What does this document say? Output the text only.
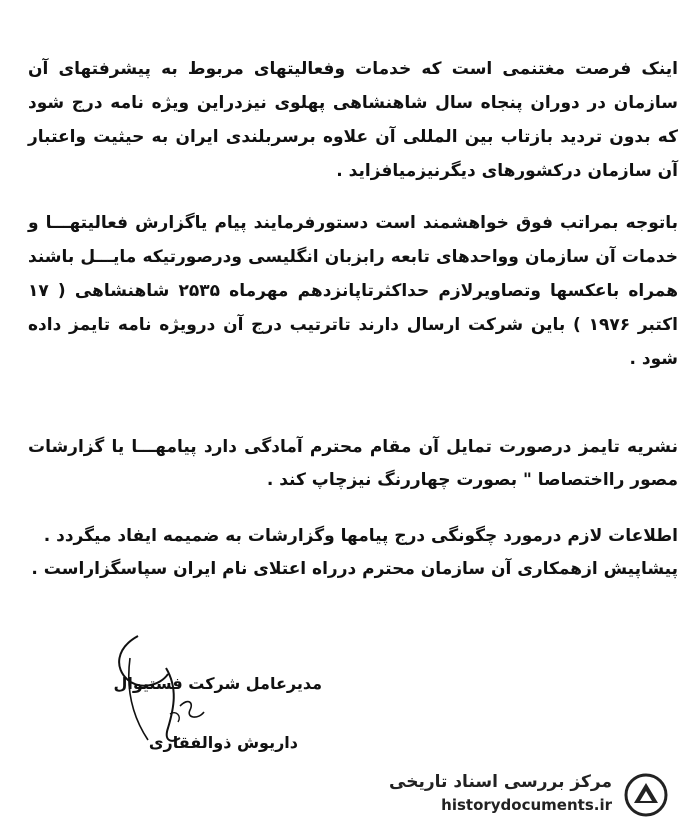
اینک فرصت مغتنمی است که خدمات وفعالیتهای مربوط به پیشرفتهای آن سازمان در دوران پنجاه سال شاهنشاهی پهلوی نیزدراین ویژه نامه درج شود که بدون تردید بازتاب بین المللی آن علاوه برسربلندی ایران به حیثیت واعتبار آن سازمان درکشورهای دیگرنیزمیافزاید .
باتوجه بمراتب فوق خواهشمند است دستورفرمایند پیام یاگزارش فعالیتهـــا و خدمات آن سازمان وواحدهای تابعه رابزبان انگلیسی ودرصورتیکه مایـــل باشند همراه باعکسها وتصاویرلازم حداکثرتاپانزدهم مهرماه ۲۵۳۵ شاهنشاهی ( ۱۷ اکتبر ۱۹۷۶ ) باین شرکت ارسال دارند تاترتیب درج آن درویژه نامه تایمز داده شود .
نشریه تایمز درصورت تمایل آن مقام محترم آمادگی دارد پیامهـــا یا گزارشات مصور رااختصاصا " بصورت چهاررنگ نیزچاپ کند .
اطلاعات لازم درمورد چگونگی درج پیامها وگزارشات به ضمیمه ایفاد میگردد .
پیشاپیش ازهمکاری آن سازمان محترم درراه اعتلای نام ایران سپاسگزاراست .
مدیرعامل شرکت فستیوال
داریوش ذوالفقاری
مرکز بررسی اسناد تاریخی
historydocuments.ir
